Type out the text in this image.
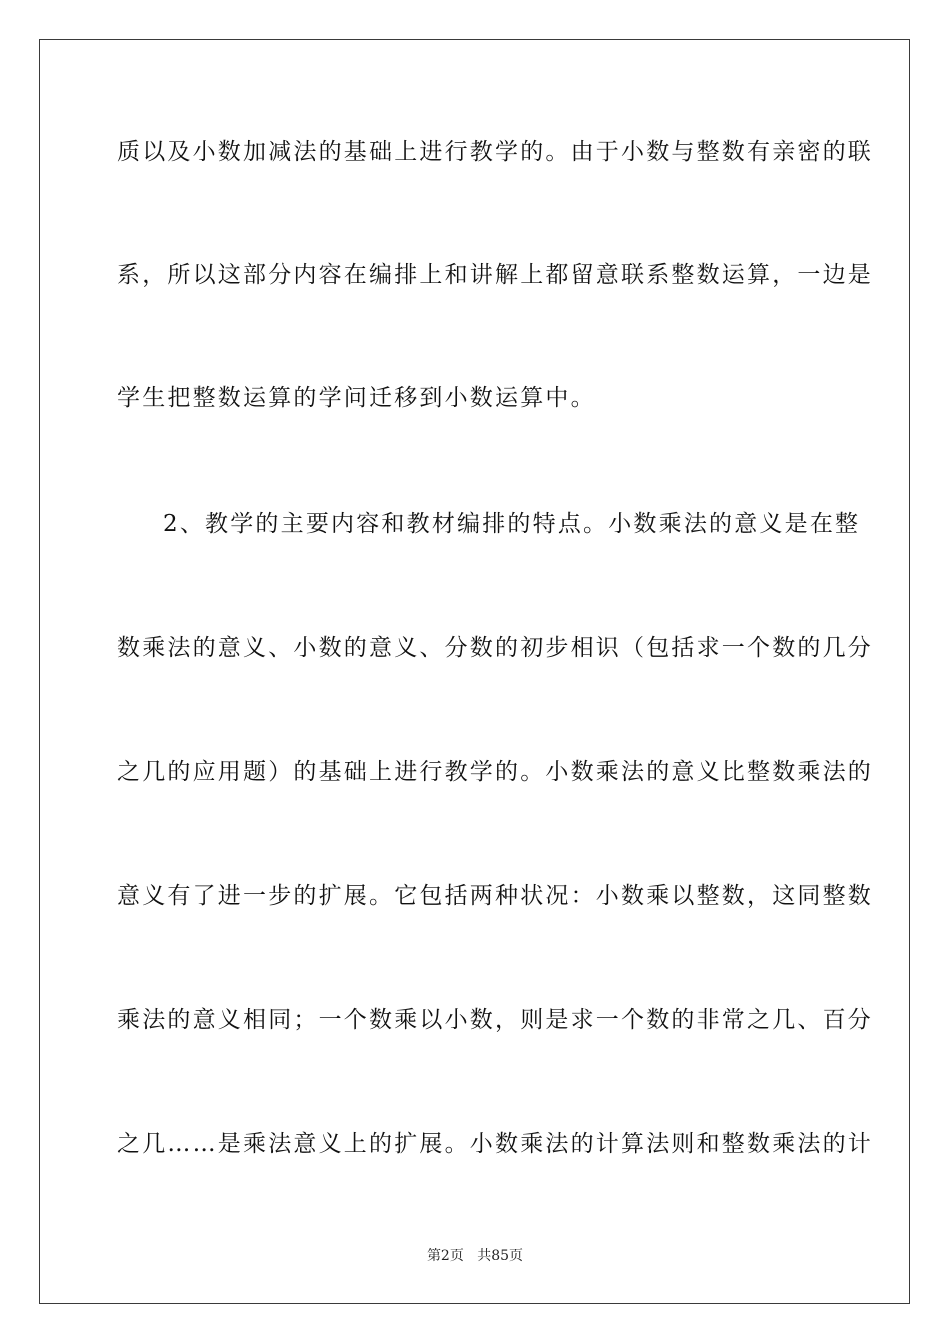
质以及小数加减法的基础上进行教学的。由于小数与整数有亲密的联
系，所以这部分内容在编排上和讲解上都留意联系整数运算，一边是
学生把整数运算的学问迁移到小数运算中。
2、教学的主要内容和教材编排的特点。小数乘法的意义是在整
数乘法的意义、小数的意义、分数的初步相识（包括求一个数的几分
之几的应用题）的基础上进行教学的。小数乘法的意义比整数乘法的
意义有了进一步的扩展。它包括两种状况：小数乘以整数，这同整数
乘法的意义相同；一个数乘以小数，则是求一个数的非常之几、百分
之几……是乘法意义上的扩展。小数乘法的计算法则和整数乘法的计
第2页 共85页
